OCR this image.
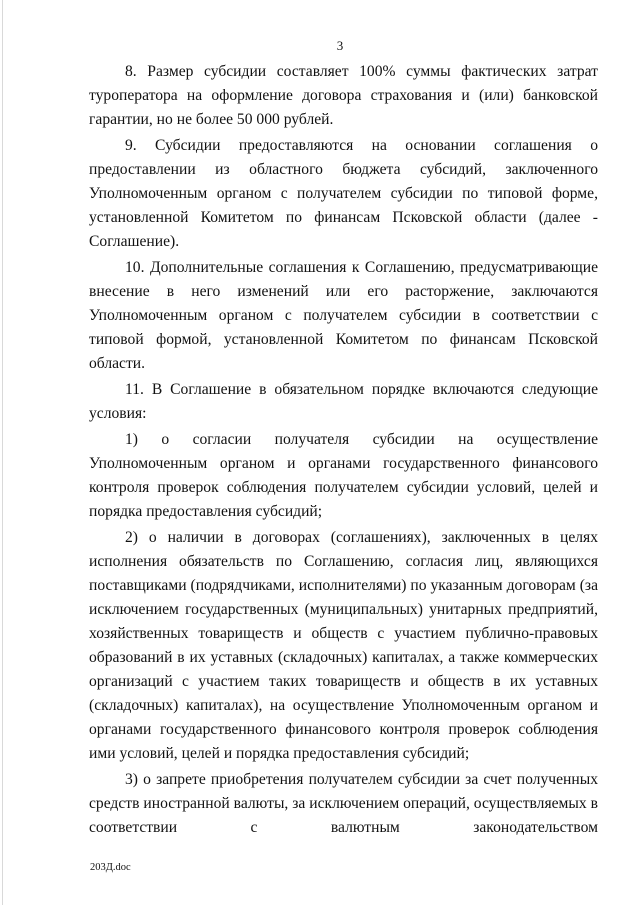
3

8. Размер субсидии составляет 100% суммы фактических затрат туроператора на оформление договора страхования и (или) банковской гарантии, но не более 50 000 рублей.

9. Субсидии предоставляются на основании соглашения о предоставлении из областного бюджета субсидий, заключенного Уполномоченным органом с получателем субсидии по типовой форме, установленной Комитетом по финансам Псковской области (далее - Соглашение).

10. Дополнительные соглашения к Соглашению, предусматривающие внесение в него изменений или его расторжение, заключаются Уполномоченным органом с получателем субсидии в соответствии с типовой формой, установленной Комитетом по финансам Псковской области.

11. В Соглашение в обязательном порядке включаются следующие условия:

1) о согласии получателя субсидии на осуществление Уполномоченным органом и органами государственного финансового контроля проверок соблюдения получателем субсидии условий, целей и порядка предоставления субсидий;

2) о наличии в договорах (соглашениях), заключенных в целях исполнения обязательств по Соглашению, согласия лиц, являющихся поставщиками (подрядчиками, исполнителями) по указанным договорам (за исключением государственных (муниципальных) унитарных предприятий, хозяйственных товариществ и обществ с участием публично-правовых образований в их уставных (складочных) капиталах, а также коммерческих организаций с участием таких товариществ и обществ в их уставных (складочных) капиталах), на осуществление Уполномоченным органом и органами государственного финансового контроля проверок соблюдения ими условий, целей и порядка предоставления субсидий;

3) о запрете приобретения получателем субсидии за счет полученных средств иностранной валюты, за исключением операций, осуществляемых в соответствии с валютным законодательством

203Д.doc
